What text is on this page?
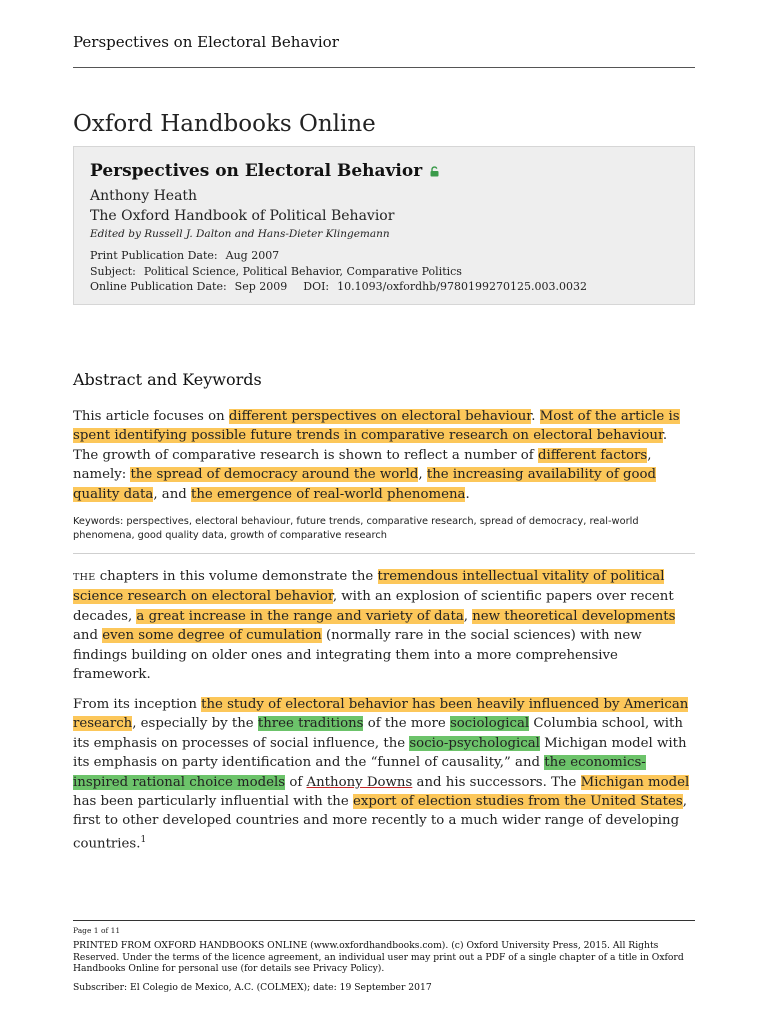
Perspectives on Electoral Behavior
Oxford Handbooks Online
Perspectives on Electoral Behavior
Anthony Heath
The Oxford Handbook of Political Behavior
Edited by Russell J. Dalton and Hans-Dieter Klingemann
Print Publication Date: Aug 2007
Subject: Political Science, Political Behavior, Comparative Politics
Online Publication Date: Sep 2009 DOI: 10.1093/oxfordhb/9780199270125.003.0032
Abstract and Keywords
This article focuses on different perspectives on electoral behaviour. Most of the article is spent identifying possible future trends in comparative research on electoral behaviour. The growth of comparative research is shown to reflect a number of different factors, namely: the spread of democracy around the world, the increasing availability of good quality data, and the emergence of real-world phenomena.
Keywords: perspectives, electoral behaviour, future trends, comparative research, spread of democracy, real-world phenomena, good quality data, growth of comparative research
THE chapters in this volume demonstrate the tremendous intellectual vitality of political science research on electoral behavior, with an explosion of scientific papers over recent decades, a great increase in the range and variety of data, new theoretical developments and even some degree of cumulation (normally rare in the social sciences) with new findings building on older ones and integrating them into a more comprehensive framework.
From its inception the study of electoral behavior has been heavily influenced by American research, especially by the three traditions of the more sociological Columbia school, with its emphasis on processes of social influence, the socio-psychological Michigan model with its emphasis on party identification and the “funnel of causality,” and the economics-inspired rational choice models of Anthony Downs and his successors. The Michigan model has been particularly influential with the export of election studies from the United States, first to other developed countries and more recently to a much wider range of developing countries.$^1$
Page 1 of 11
PRINTED FROM OXFORD HANDBOOKS ONLINE (www.oxfordhandbooks.com). (c) Oxford University Press, 2015. All Rights Reserved. Under the terms of the licence agreement, an individual user may print out a PDF of a single chapter of a title in Oxford Handbooks Online for personal use (for details see Privacy Policy).
Subscriber: El Colegio de Mexico, A.C. (COLMEX); date: 19 September 2017
